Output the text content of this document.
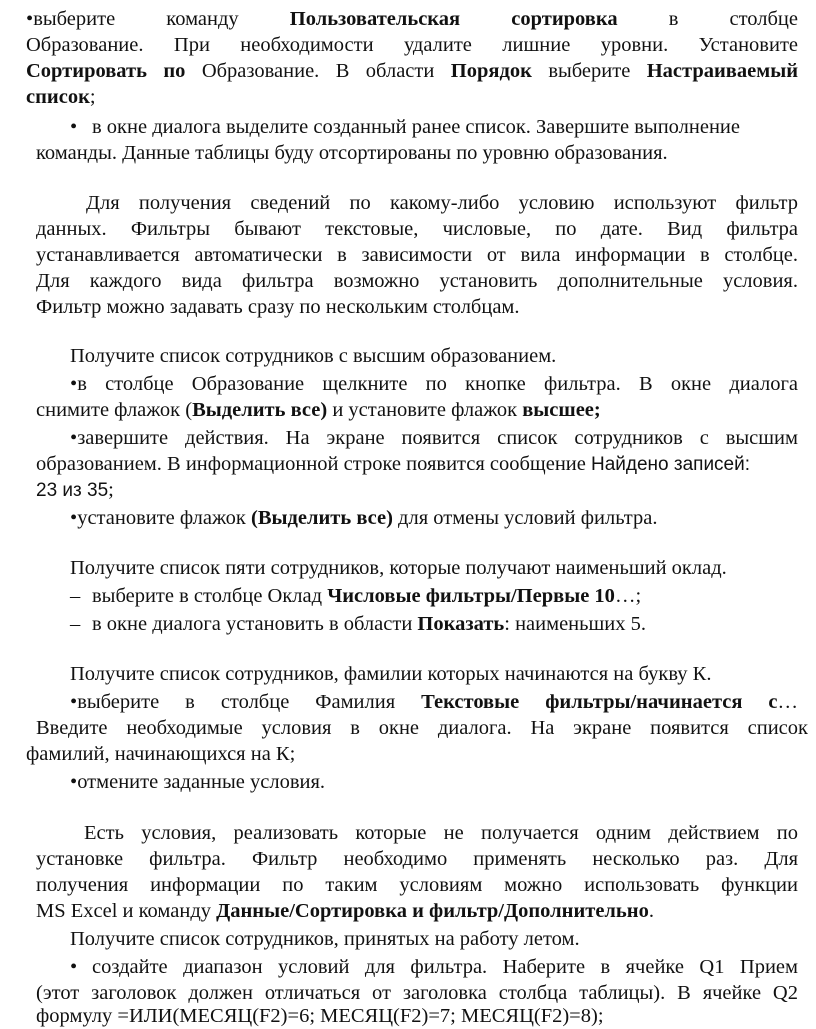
•выберите команду Пользовательская сортировка в столбце
Образование. При необходимости удалите лишние уровни. Установите
Сортировать по Образование. В области Порядок выберите Настраиваемый
список;
• в окне диалога выделите созданный ранее список. Завершите выполнение
команды. Данные таблицы буду отсортированы по уровню образования.
Для получения сведений по какому-либо условию используют фильтр
данных. Фильтры бывают текстовые, числовые, по дате. Вид фильтра
устанавливается автоматически в зависимости от вила информации в столбце.
Для каждого вида фильтра возможно установить дополнительные условия.
Фильтр можно задавать сразу по нескольким столбцам.
Получите список сотрудников с высшим образованием.
•в столбце Образование щелкните по кнопке фильтра. В окне диалога
снимите флажок (Выделить все) и установите флажок высшее;
•завершите действия. На экране появится список сотрудников с высшим
образованием. В информационной строке появится сообщение Найдено записей:
23 из 35;
•установите флажок (Выделить все) для отмены условий фильтра.
Получите список пяти сотрудников, которые получают наименьший оклад.
– выберите в столбце Оклад Числовые фильтры/Первые 10…;
– в окне диалога установить в области Показать: наименьших 5.
Получите список сотрудников, фамилии которых начинаются на букву К.
•выберите в столбце Фамилия Текстовые фильтры/начинается с…
Введите необходимые условия в окне диалога. На экране появится список
фамилий, начинающихся на К;
•отмените заданные условия.
Есть условия, реализовать которые не получается одним действием по
установке фильтра. Фильтр необходимо применять несколько раз. Для
получения информации по таким условиям можно использовать функции
MS Excel и команду Данные/Сортировка и фильтр/Дополнительно.
Получите список сотрудников, принятых на работу летом.
• создайте диапазон условий для фильтра. Наберите в ячейке Q1 Прием
(этот заголовок должен отличаться от заголовка столбца таблицы). В ячейке Q2
формулу =ИЛИ(МЕСЯЦ(F2)=6; МЕСЯЦ(F2)=7; МЕСЯЦ(F2)=8);
